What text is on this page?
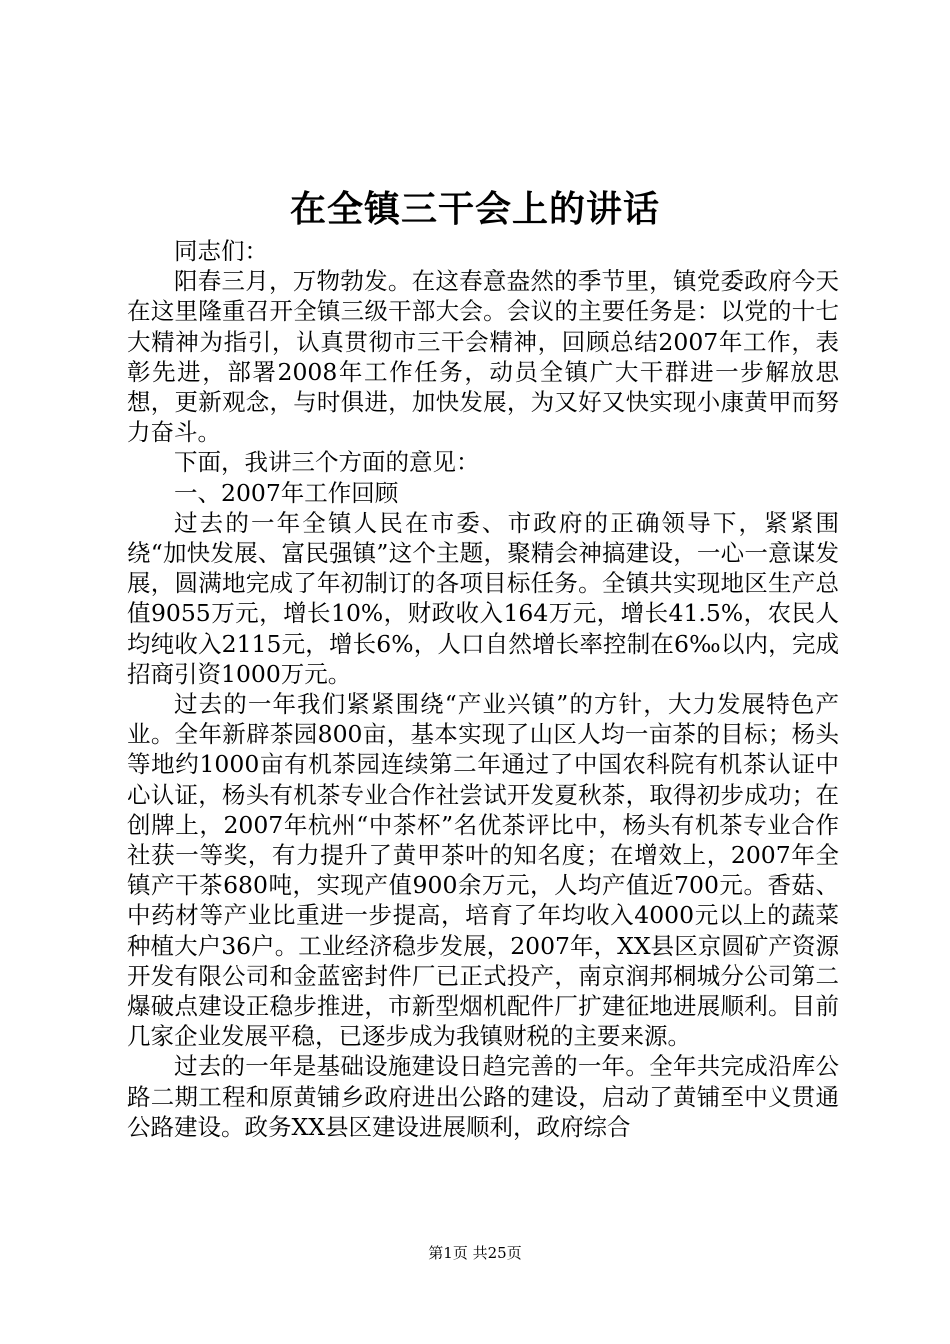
在全镇三干会上的讲话

同志们：

阳春三月，万物勃发。在这春意盎然的季节里，镇党委政府今天在这里隆重召开全镇三级干部大会。会议的主要任务是：以党的十七大精神为指引，认真贯彻市三干会精神，回顾总结2007年工作，表彰先进，部署2008年工作任务，动员全镇广大干群进一步解放思想，更新观念，与时俱进，加快发展，为又好又快实现小康黄甲而努力奋斗。

下面，我讲三个方面的意见：

一、2007年工作回顾

过去的一年全镇人民在市委、市政府的正确领导下，紧紧围绕“加快发展、富民强镇”这个主题，聚精会神搞建设，一心一意谋发展，圆满地完成了年初制订的各项目标任务。全镇共实现地区生产总值9055万元，增长10%，财政收入164万元，增长41.5%，农民人均纯收入2115元，增长6%，人口自然增长率控制在6‰以内，完成招商引资1000万元。

过去的一年我们紧紧围绕“产业兴镇”的方针，大力发展特色产业。全年新辟茶园800亩，基本实现了山区人均一亩茶的目标；杨头等地约1000亩有机茶园连续第二年通过了中国农科院有机茶认证中心认证，杨头有机茶专业合作社尝试开发夏秋茶，取得初步成功；在创牌上，2007年杭州“中茶杯”名优茶评比中，杨头有机茶专业合作社获一等奖，有力提升了黄甲茶叶的知名度；在增效上，2007年全镇产干茶680吨，实现产值900余万元，人均产值近700元。香菇、中药材等产业比重进一步提高，培育了年均收入4000元以上的蔬菜种植大户36户。工业经济稳步发展，2007年，XX县区京圆矿产资源开发有限公司和金蓝密封件厂已正式投产，南京润邦桐城分公司第二爆破点建设正稳步推进，市新型烟机配件厂扩建征地进展顺利。目前几家企业发展平稳，已逐步成为我镇财税的主要来源。

过去的一年是基础设施建设日趋完善的一年。全年共完成沿库公路二期工程和原黄铺乡政府进出公路的建设，启动了黄铺至中义贯通公路建设。政务XX县区建设进展顺利，政府综合

第1页 共25页
